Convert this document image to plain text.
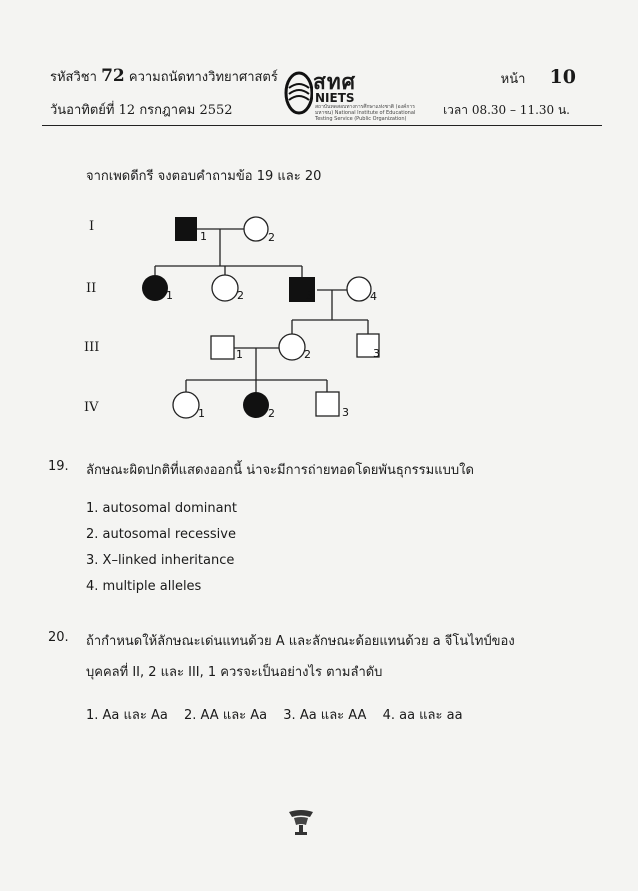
รหัสวิชา 72 ความถนัดทางวิทยาศาสตร์
วันอาทิตย์ที่ 12 กรกฎาคม 2552
หน้า 10
เวลา 08.30 – 11.30 น.
สทศ
NIETS
สถาบันทดสอบทางการศึกษาแห่งชาติ (องค์การมหาชน) National Institute of Educational Testing Service (Public Organization)
จากเพดดีกรี จงตอบคำถามข้อ 19 และ 20
I
II
III
IV
1	2
1	2	3	4
1	2	3
1	2	3
19. ลักษณะผิดปกติที่แสดงออกนี้ น่าจะมีการถ่ายทอดโดยพันธุกรรมแบบใด
1. autosomal dominant
2. autosomal recessive
3. X–linked inheritance
4. multiple alleles
20. ถ้ากำหนดให้ลักษณะเด่นแทนด้วย A และลักษณะด้อยแทนด้วย a จีโนไทป์ของ
บุคคลที่ II, 2 และ III, 1 ควรจะเป็นอย่างไร ตามลำดับ
1. Aa และ Aa 2. AA และ Aa 3. Aa และ AA 4. aa และ aa
